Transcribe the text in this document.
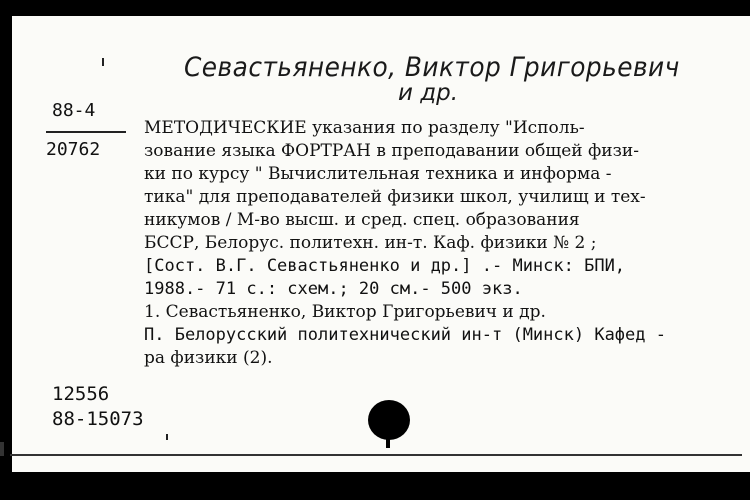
Севастьяненко, Виктор Григорьевич
и др.
88-4
20762
МЕТОДИЧЕСКИЕ указания по разделу "Исполь-
зование языка ФОРТРАН в преподавании общей физи-
ки по курсу " Вычислительная техника и информа -
тика" для преподавателей физики школ, училищ и тех-
никумов / М-во высш. и сред. спец. образования
БССР, Белорус. политехн. ин-т. Каф. физики № 2 ;
[Сост. В.Г. Севастьяненко и др.] .- Минск: БПИ,
1988.- 71 с.: схем.; 20 см.- 500 экз.
1. Севастьяненко, Виктор Григорьевич и др.
П. Белорусский политехнический ин-т (Минск) Кафед -
ра физики (2).
12556
88-15073
